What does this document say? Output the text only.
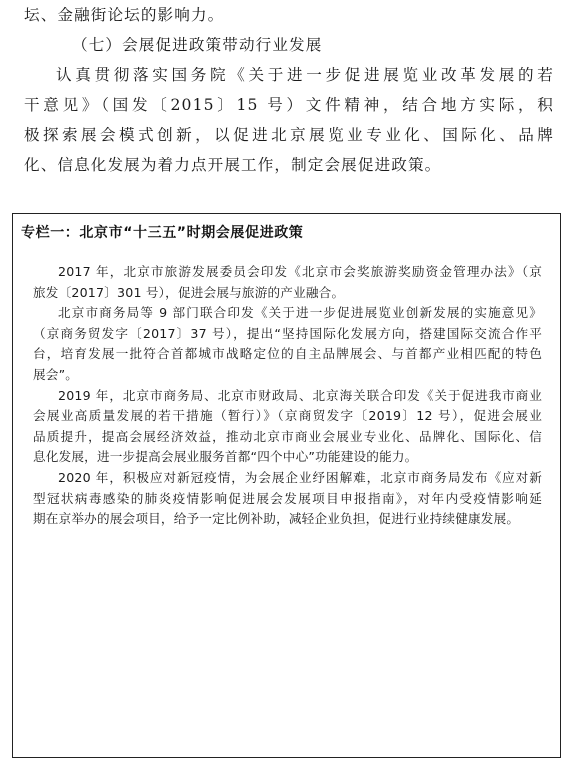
坛、金融街论坛的影响力。
（七）会展促进政策带动行业发展
认真贯彻落实国务院《关于进一步促进展览业改革发展的若
干意见》（国发〔2015〕15 号）文件精神，结合地方实际，积
极探索展会模式创新，以促进北京展览业专业化、国际化、品牌
化、信息化发展为着力点开展工作，制定会展促进政策。
专栏一：北京市“十三五”时期会展促进政策
2017 年，北京市旅游发展委员会印发《北京市会奖旅游奖励资金管理办法》（京
旅发〔2017〕301 号），促进会展与旅游的产业融合。
北京市商务局等 9 部门联合印发《关于进一步促进展览业创新发展的实施意见》
（京商务贸发字〔2017〕37 号），提出“坚持国际化发展方向，搭建国际交流合作平
台，培育发展一批符合首都城市战略定位的自主品牌展会、与首都产业相匹配的特色
展会”。
2019 年，北京市商务局、北京市财政局、北京海关联合印发《关于促进我市商业
会展业高质量发展的若干措施（暂行）》（京商贸发字〔2019〕12 号），促进会展业
品质提升，提高会展经济效益，推动北京市商业会展业专业化、品牌化、国际化、信
息化发展，进一步提高会展业服务首都“四个中心”功能建设的能力。
2020 年，积极应对新冠疫情，为会展企业纾困解难，北京市商务局发布《应对新
型冠状病毒感染的肺炎疫情影响促进展会发展项目申报指南》，对年内受疫情影响延
期在京举办的展会项目，给予一定比例补助，减轻企业负担，促进行业持续健康发展。
